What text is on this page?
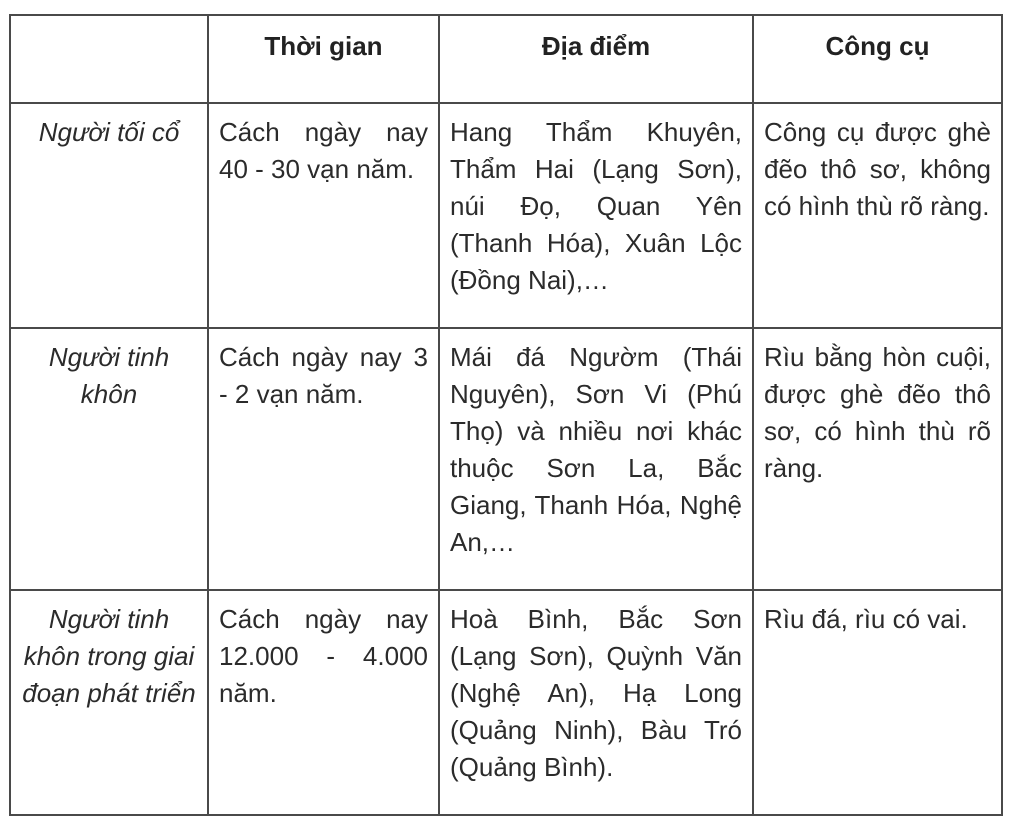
	Thời gian	Địa điểm	Công cụ
Người tối cổ	Cách ngày nay 40 - 30 vạn năm.	Hang Thẩm Khuyên, Thẩm Hai (Lạng Sơn), núi Đọ, Quan Yên (Thanh Hóa), Xuân Lộc (Đồng Nai),…	Công cụ được ghè đẽo thô sơ, không có hình thù rõ ràng.
Người tinh khôn	Cách ngày nay 3 - 2 vạn năm.	Mái đá Ngườm (Thái Nguyên), Sơn Vi (Phú Thọ) và nhiều nơi khác thuộc Sơn La, Bắc Giang, Thanh Hóa, Nghệ An,…	Rìu bằng hòn cuội, được ghè đẽo thô sơ, có hình thù rõ ràng.
Người tinh khôn trong giai đoạn phát triển	Cách ngày nay 12.000 - 4.000 năm.	Hoà Bình, Bắc Sơn (Lạng Sơn), Quỳnh Văn (Nghệ An), Hạ Long (Quảng Ninh), Bàu Tró (Quảng Bình).	Rìu đá, rìu có vai.
